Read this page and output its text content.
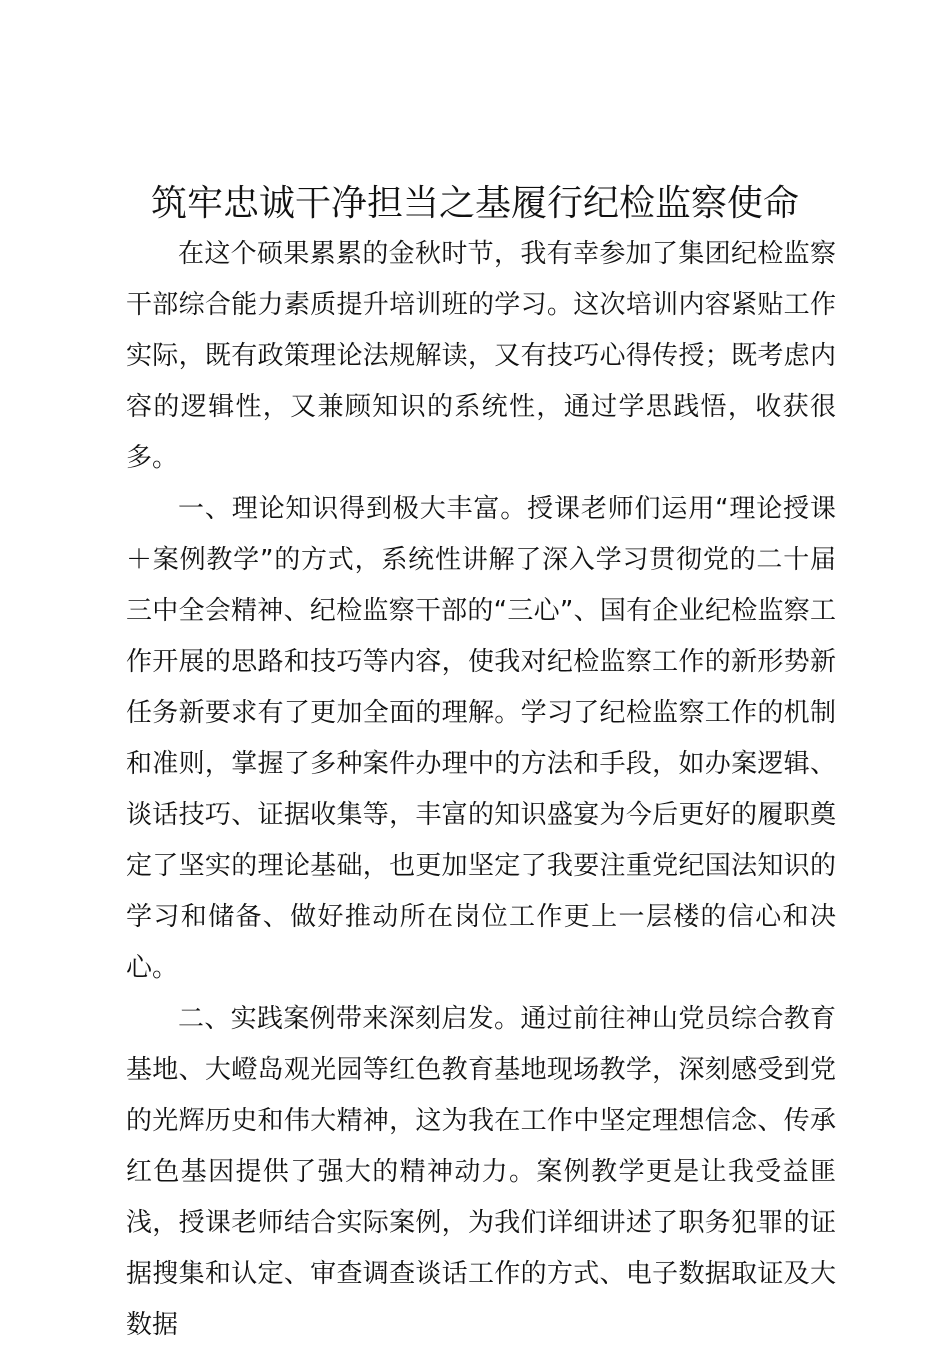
筑牢忠诚干净担当之基履行纪检监察使命

在这个硕果累累的金秋时节，我有幸参加了集团纪检监察干部综合能力素质提升培训班的学习。这次培训内容紧贴工作实际，既有政策理论法规解读，又有技巧心得传授；既考虑内容的逻辑性，又兼顾知识的系统性，通过学思践悟，收获很多。

一、理论知识得到极大丰富。授课老师们运用“理论授课＋案例教学”的方式，系统性讲解了深入学习贯彻党的二十届三中全会精神、纪检监察干部的“三心”、国有企业纪检监察工作开展的思路和技巧等内容，使我对纪检监察工作的新形势新任务新要求有了更加全面的理解。学习了纪检监察工作的机制和准则，掌握了多种案件办理中的方法和手段，如办案逻辑、谈话技巧、证据收集等，丰富的知识盛宴为今后更好的履职奠定了坚实的理论基础，也更加坚定了我要注重党纪国法知识的学习和储备、做好推动所在岗位工作更上一层楼的信心和决心。

二、实践案例带来深刻启发。通过前往神山党员综合教育基地、大嶝岛观光园等红色教育基地现场教学，深刻感受到党的光辉历史和伟大精神，这为我在工作中坚定理想信念、传承红色基因提供了强大的精神动力。案例教学更是让我受益匪浅，授课老师结合实际案例，为我们详细讲述了职务犯罪的证据搜集和认定、审查调查谈话工作的方式、电子数据取证及大数据
